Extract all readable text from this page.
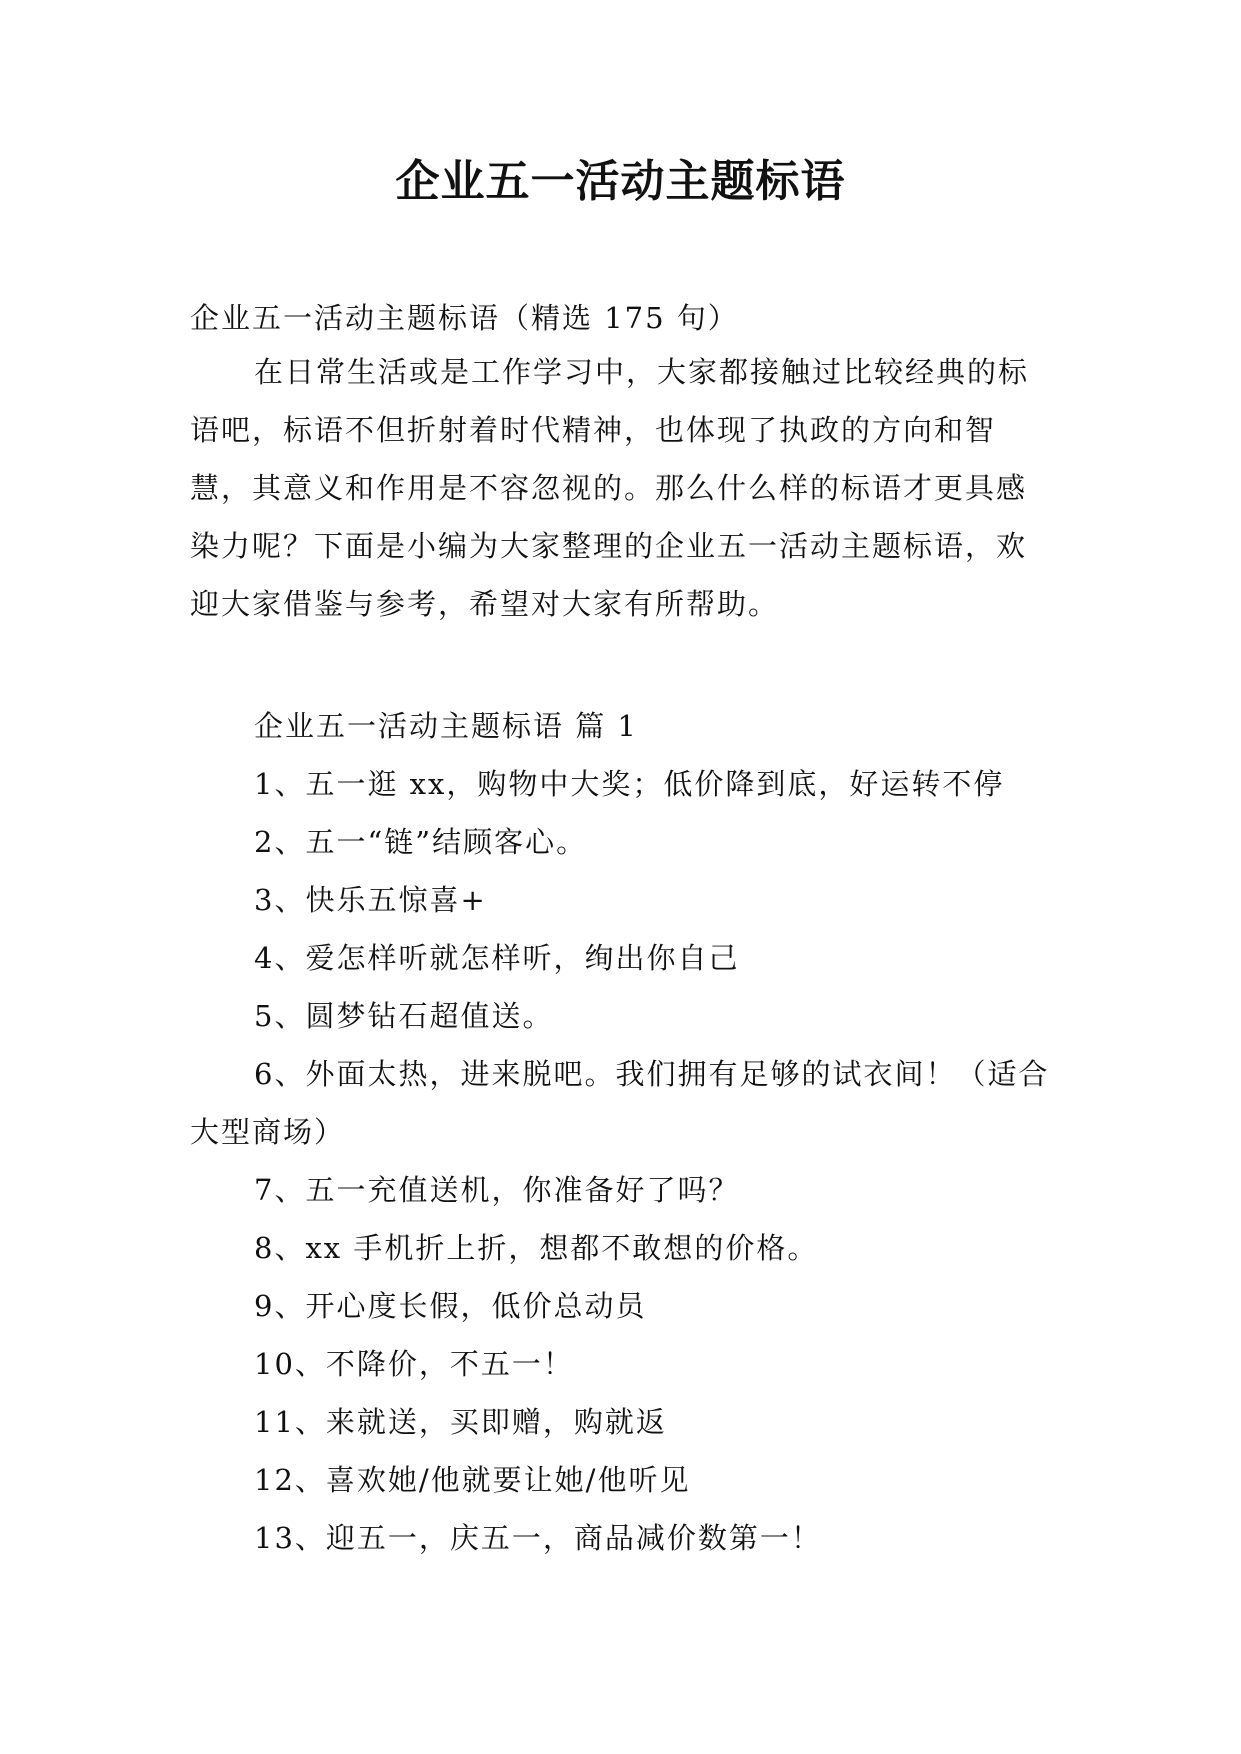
企业五一活动主题标语
企业五一活动主题标语（精选 175 句）
在日常生活或是工作学习中，大家都接触过比较经典的标语吧，标语不但折射着时代精神，也体现了执政的方向和智慧，其意义和作用是不容忽视的。那么什么样的标语才更具感染力呢？下面是小编为大家整理的企业五一活动主题标语，欢迎大家借鉴与参考，希望对大家有所帮助。
企业五一活动主题标语 篇 1
1、五一逛 xx，购物中大奖；低价降到底，好运转不停
2、五一“链”结顾客心。
3、快乐五惊喜+
4、爱怎样听就怎样听，绚出你自己
5、圆梦钻石超值送。
6、外面太热，进来脱吧。我们拥有足够的试衣间！（适合大型商场）
7、五一充值送机，你准备好了吗？
8、xx 手机折上折，想都不敢想的价格。
9、开心度长假，低价总动员
10、不降价，不五一！
11、来就送，买即赠，购就返
12、喜欢她/他就要让她/他听见
13、迎五一，庆五一，商品减价数第一！
